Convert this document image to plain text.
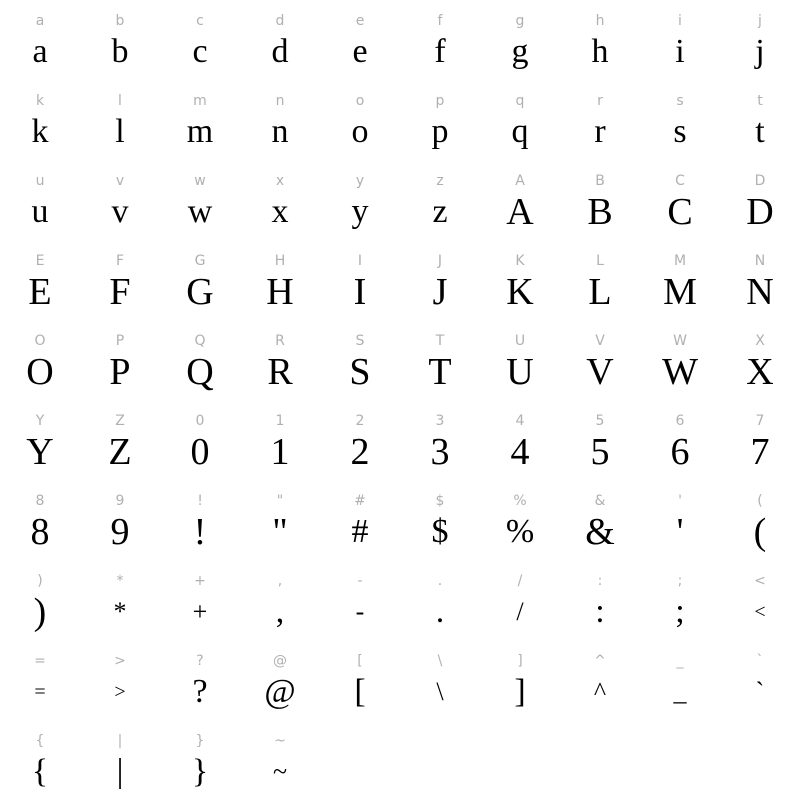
a
a
b
b
c
c
d
d
e
e
f
f
g
g
h
h
i
i
j
j
k
k
l
l
m
m
n
n
o
o
p
p
q
q
r
r
s
s
t
t
u
u
v
v
w
w
x
x
y
y
z
z
A
A
B
B
C
C
D
D
E
E
F
F
G
G
H
H
I
I
J
J
K
K
L
L
M
M
N
N
O
O
P
P
Q
Q
R
R
S
S
T
T
U
U
V
V
W
W
X
X
Y
Y
Z
Z
0
0
1
1
2
2
3
3
4
4
5
5
6
6
7
7
8
8
9
9
!
!
"
"
#
#
$
$
%
%
&
&
'
'
(
(
)
)
*
*
+
+
,
,
-
-
.
.
/
/
:
:
;
;
<
<
=
=
>
>
?
?
@
@
[
[
\
\
]
]
^
^
_
_
`
`
{
{
|
|
}
}
~
~
